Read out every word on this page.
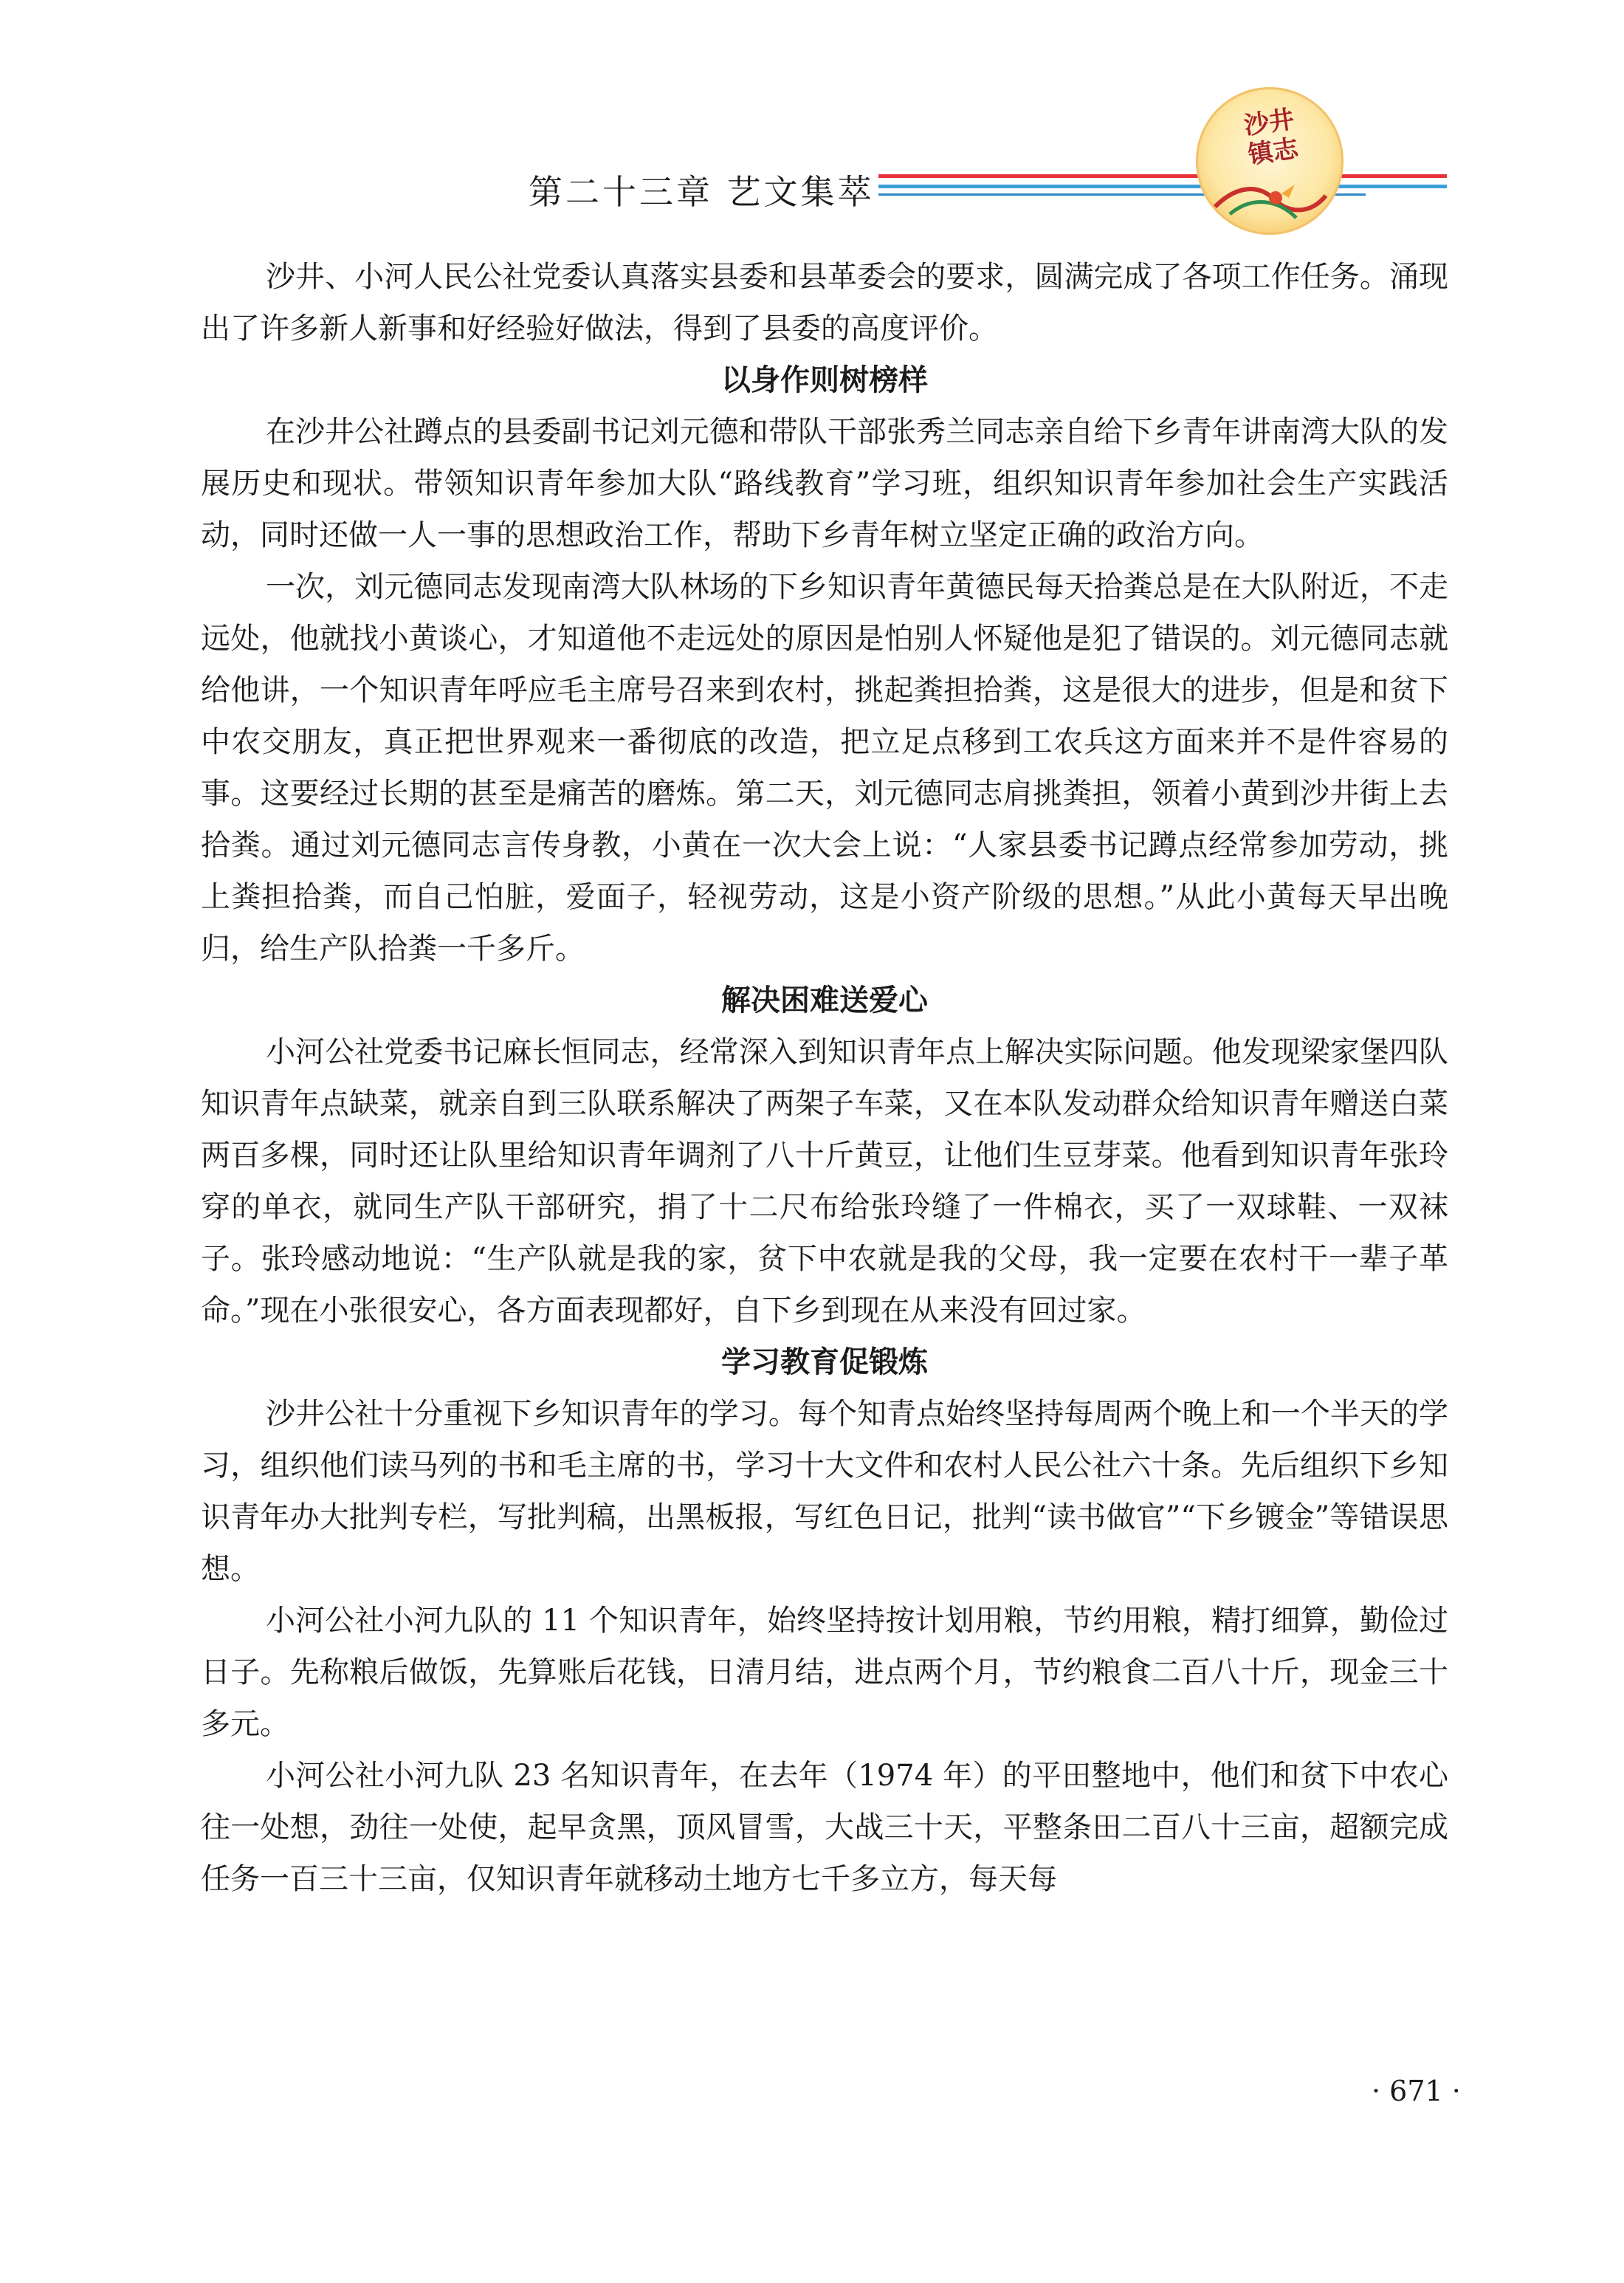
第二十三章 艺文集萃
沙井镇志

沙井、小河人民公社党委认真落实县委和县革委会的要求，圆满完成了各项工作任务。涌现出了许多新人新事和好经验好做法，得到了县委的高度评价。

以身作则树榜样

在沙井公社蹲点的县委副书记刘元德和带队干部张秀兰同志亲自给下乡青年讲南湾大队的发展历史和现状。带领知识青年参加大队“路线教育”学习班，组织知识青年参加社会生产实践活动，同时还做一人一事的思想政治工作，帮助下乡青年树立坚定正确的政治方向。

一次，刘元德同志发现南湾大队林场的下乡知识青年黄德民每天拾粪总是在大队附近，不走远处，他就找小黄谈心，才知道他不走远处的原因是怕别人怀疑他是犯了错误的。刘元德同志就给他讲，一个知识青年呼应毛主席号召来到农村，挑起粪担拾粪，这是很大的进步，但是和贫下中农交朋友，真正把世界观来一番彻底的改造，把立足点移到工农兵这方面来并不是件容易的事。这要经过长期的甚至是痛苦的磨炼。第二天，刘元德同志肩挑粪担，领着小黄到沙井街上去拾粪。通过刘元德同志言传身教，小黄在一次大会上说：“人家县委书记蹲点经常参加劳动，挑上粪担拾粪，而自己怕脏，爱面子，轻视劳动，这是小资产阶级的思想。”从此小黄每天早出晚归，给生产队拾粪一千多斤。

解决困难送爱心

小河公社党委书记麻长恒同志，经常深入到知识青年点上解决实际问题。他发现梁家堡四队知识青年点缺菜，就亲自到三队联系解决了两架子车菜，又在本队发动群众给知识青年赠送白菜两百多棵，同时还让队里给知识青年调剂了八十斤黄豆，让他们生豆芽菜。他看到知识青年张玲穿的单衣，就同生产队干部研究，捐了十二尺布给张玲缝了一件棉衣，买了一双球鞋、一双袜子。张玲感动地说：“生产队就是我的家，贫下中农就是我的父母，我一定要在农村干一辈子革命。”现在小张很安心，各方面表现都好，自下乡到现在从来没有回过家。

学习教育促锻炼

沙井公社十分重视下乡知识青年的学习。每个知青点始终坚持每周两个晚上和一个半天的学习，组织他们读马列的书和毛主席的书，学习十大文件和农村人民公社六十条。先后组织下乡知识青年办大批判专栏，写批判稿，出黑板报，写红色日记，批判“读书做官”“下乡镀金”等错误思想。

小河公社小河九队的 11 个知识青年，始终坚持按计划用粮，节约用粮，精打细算，勤俭过日子。先称粮后做饭，先算账后花钱，日清月结，进点两个月，节约粮食二百八十斤，现金三十多元。

小河公社小河九队 23 名知识青年，在去年（1974 年）的平田整地中，他们和贫下中农心往一处想，劲往一处使，起早贪黑，顶风冒雪，大战三十天，平整条田二百八十三亩，超额完成任务一百三十三亩，仅知识青年就移动土地方七千多立方，每天每

· 671 ·
